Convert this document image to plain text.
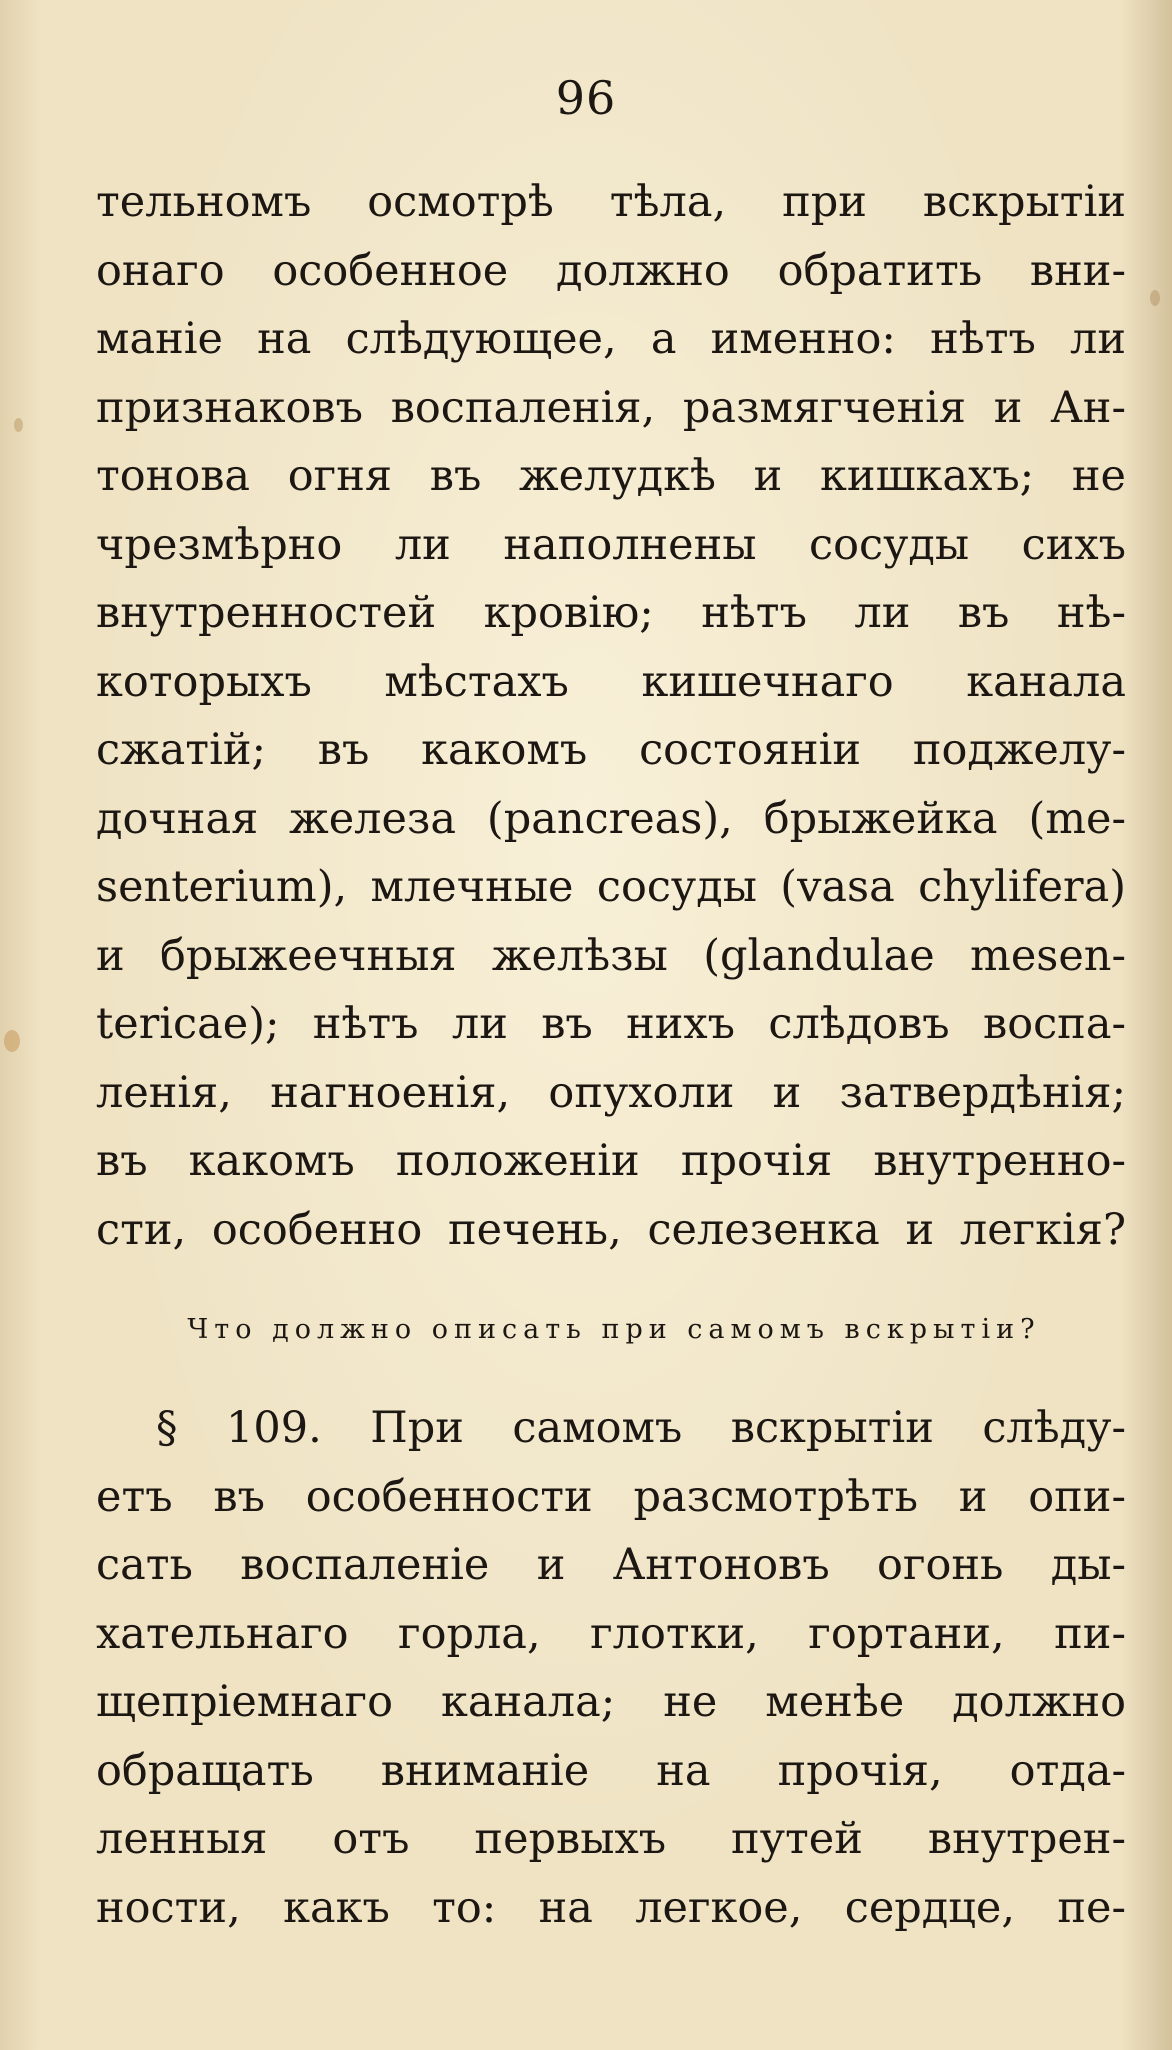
96
тельномъ осмотрѣ тѣла, при вскрытіи
онаго особенное должно обратить вни-
маніе на слѣдующее, а именно: нѣтъ ли
признаковъ воспаленія, размягченія и Ан-
тонова огня въ желудкѣ и кишкахъ; не
чрезмѣрно ли наполнены сосуды сихъ
внутренностей кровію; нѣтъ ли въ нѣ-
которыхъ мѣстахъ кишечнаго канала
сжатій; въ какомъ состояніи поджелу-
дочная железа (pancreas), брыжейка (me-
senterium), млечные сосуды (vasa chylifera)
и брыжеечныя желѣзы (glandulae mesen-
tericae); нѣтъ ли въ нихъ слѣдовъ воспа-
ленія, нагноенія, опухоли и затвердѣнія;
въ какомъ положеніи прочія внутренно-
сти, особенно печень, селезенка и легкія?
Что должно описать при самомъ вскрытіи?
§ 109. При самомъ вскрытіи слѣду-
етъ въ особенности разсмотрѣть и опи-
сать воспаленіе и Антоновъ огонь ды-
хательнаго горла, глотки, гортани, пи-
щепріемнаго канала; не менѣе должно
обращать вниманіе на прочія, отда-
ленныя отъ первыхъ путей внутрен-
ности, какъ то: на легкое, сердце, пе-
